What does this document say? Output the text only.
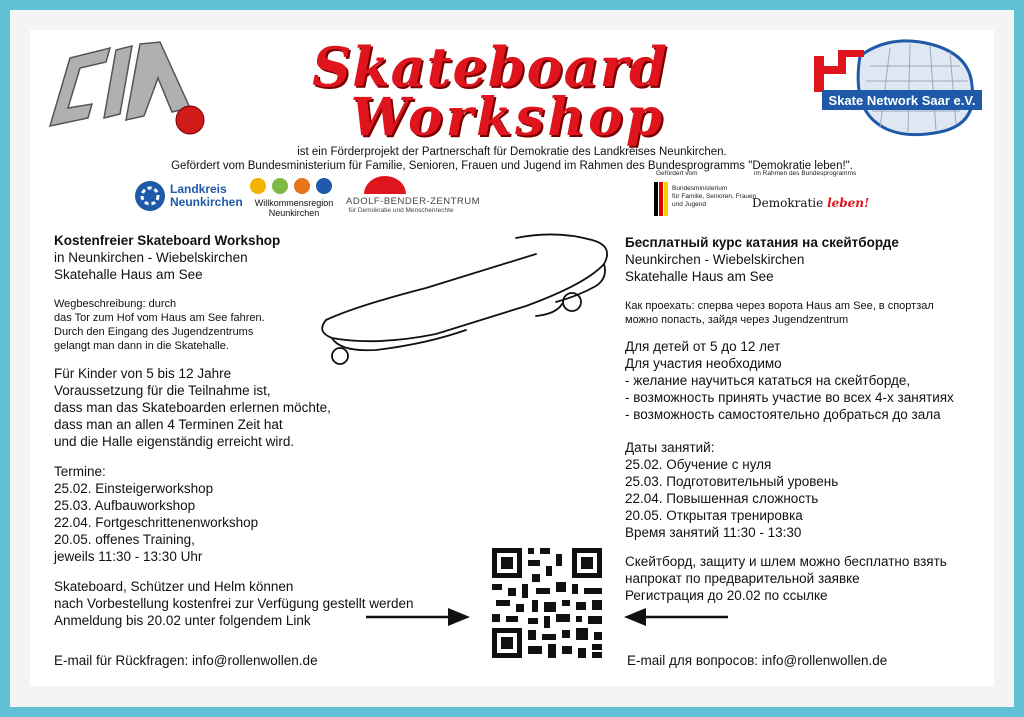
CIA	Skateboard
Workshop	Skate Network Saar e.V.
ist ein Förderprojekt der Partnerschaft für Demokratie des Landkreises Neunkirchen.
Gefördert vom Bundesministerium für Familie, Senioren, Frauen und Jugend im Rahmen des Bundesprogramms "Demokratie leben!".
Landkreis
Neunkirchen	Willkommensregion
Neunkirchen
ADOLF-BENDER-ZENTRUM
für Demokratie und Menschenrechte
Gefördert vom	im Rahmen des Bundesprogramms
Bundesministerium
für Familie, Senioren, Frauen
und Jugend	Demokratie leben!
Kostenfreier Skateboard Workshop
in Neunkirchen - Wiebelskirchen
Skatehalle Haus am See
Wegbeschreibung: durch
das Tor zum Hof vom Haus am See fahren.
Durch den Eingang des Jugendzentrums
gelangt man dann in die Skatehalle.
Für Kinder von 5 bis 12 Jahre
Voraussetzung für die Teilnahme ist,
dass man das Skateboarden erlernen möchte,
dass man an allen 4 Terminen Zeit hat
und die Halle eigenständig erreicht wird.
Termine:
25.02. Einsteigerworkshop
25.03. Aufbauworkshop
22.04. Fortgeschrittenenworkshop
20.05. offenes Training,
jeweils 11:30 - 13:30 Uhr
Skateboard, Schützer und Helm können
nach Vorbestellung kostenfrei zur Verfügung gestellt werden
Anmeldung bis 20.02 unter folgendem Link
E-mail für Rückfragen: info@rollenwollen.de
Бесплатный курс катания на скейтборде
Neunkirchen - Wiebelskirchen
Skatehalle Haus am See
Как проехать: сперва через ворота Haus am See, в спортзал
можно попасть, зайдя через Jugendzentrum
Для детей от 5 до 12 лет
Для участия необходимо
- желание научиться кататься на скейтборде,
- возможность принять участие во всех 4-х занятиях
- возможность самостоятельно добраться до зала
Даты занятий:
25.02. Обучение с нуля
25.03. Подготовительный уровень
22.04. Повышенная сложность
20.05. Открытая тренировка
Время занятий 11:30 - 13:30
Скейтборд, защиту и шлем можно бесплатно взять
напрокат по предварительной заявке
Регистрация до 20.02 по ссылке
E-mail для вопросов: info@rollenwollen.de
